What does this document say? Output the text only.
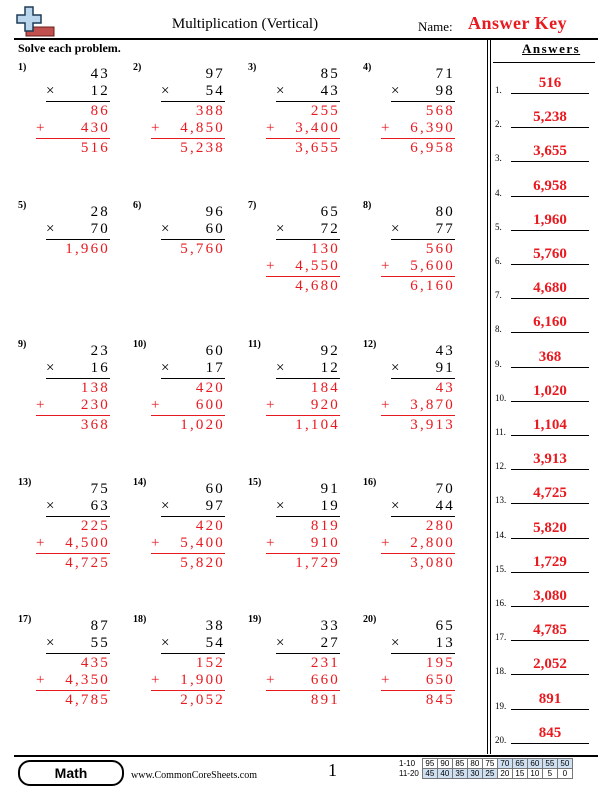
Multiplication (Vertical)	Name: Answer Key
Solve each problem.	Answers
1.	516
2.	5,238
3.	3,655
4.	6,958
5.	1,960
6.	5,760
7.	4,680
8.	6,160
9.	368
10.	1,020
11.	1,104
12.	3,913
13.	4,725
14.	5,820
15.	1,729
16.	3,080
17.	4,785
18.	2,052
19.	891
20.	845
1)	43
× 12
86
+ 430
516
2)	97
× 54
388
+ 4,850
5,238
3)	85
× 43
255
+ 3,400
3,655
4)	71
× 98
568
+ 6,390
6,958
5)	28
× 70
1,960
6)	96
× 60
5,760
7)	65
× 72
130
+ 4,550
4,680
8)	80
× 77
560
+ 5,600
6,160
9)	23
× 16
138
+ 230
368
10)	60
× 17
420
+ 600
1,020
11)	92
× 12
184
+ 920
1,104
12)	43
× 91
43
+ 3,870
3,913
13)	75
× 63
225
+ 4,500
4,725
14)	60
× 97
420
+ 5,400
5,820
15)	91
× 19
819
+ 910
1,729
16)	70
× 44
280
+ 2,800
3,080
17)	87
× 55
435
+ 4,350
4,785
18)	38
× 54
152
+ 1,900
2,052
19)	33
× 27
231
+ 660
891
20)	65
× 13
195
+ 650
845
Math	www.CommonCoreSheets.com	1	1-10	95	90	85	80	75	70	65	60	55	50
11-20	45	40	35	30	25	20	15	10	5	0
